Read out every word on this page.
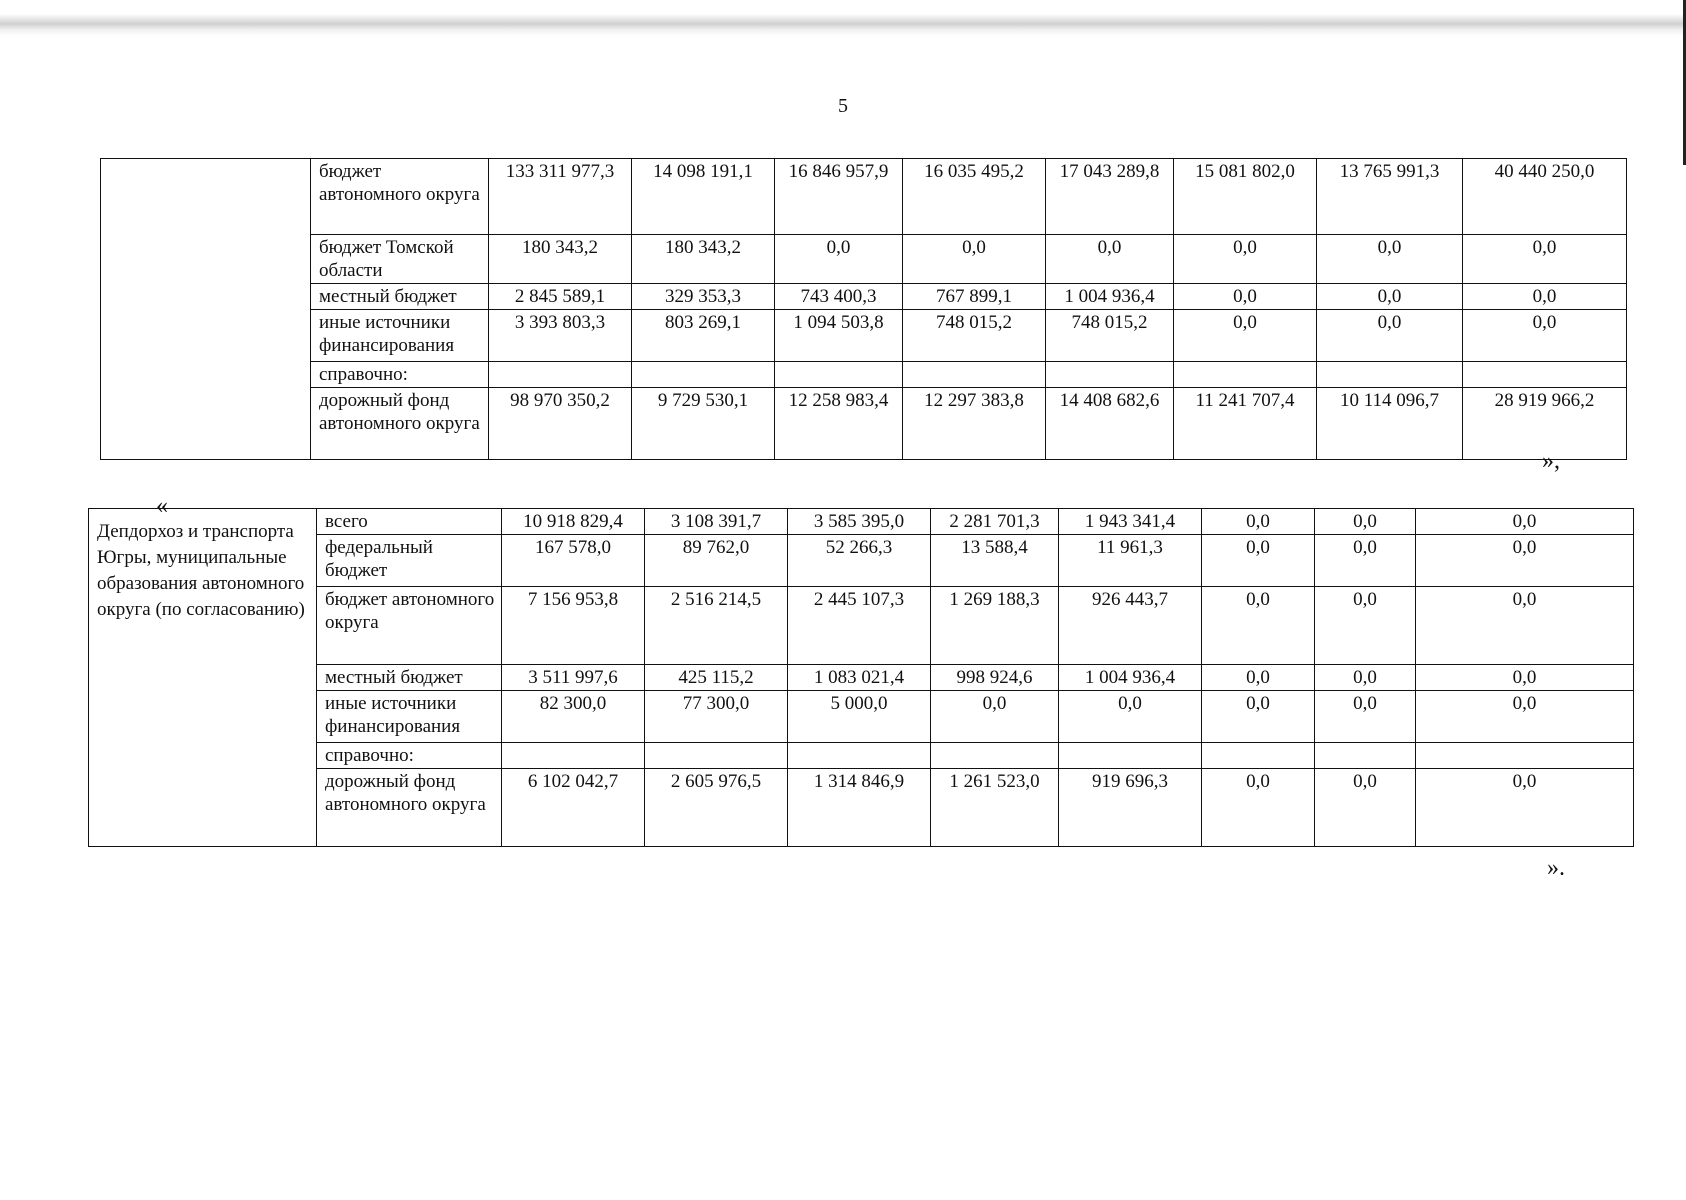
5
	бюджет автономного округа	133 311 977,3	14 098 191,1	16 846 957,9	16 035 495,2	17 043 289,8	15 081 802,0	13 765 991,3	40 440 250,0
	бюджет Томской области	180 343,2	180 343,2	0,0	0,0	0,0	0,0	0,0	0,0
	местный бюджет	2 845 589,1	329 353,3	743 400,3	767 899,1	1 004 936,4	0,0	0,0	0,0
	иные источники финансирования	3 393 803,3	803 269,1	1 094 503,8	748 015,2	748 015,2	0,0	0,0	0,0
	справочно:								
	дорожный фонд автономного округа	98 970 350,2	9 729 530,1	12 258 983,4	12 297 383,8	14 408 682,6	11 241 707,4	10 114 096,7	28 919 966,2
»,
«
Депдорхоз и транспорта Югры, муниципальные образования автономного округа (по согласованию)	всего	10 918 829,4	3 108 391,7	3 585 395,0	2 281 701,3	1 943 341,4	0,0	0,0	0,0
	федеральный бюджет	167 578,0	89 762,0	52 266,3	13 588,4	11 961,3	0,0	0,0	0,0
	бюджет автономного округа	7 156 953,8	2 516 214,5	2 445 107,3	1 269 188,3	926 443,7	0,0	0,0	0,0
	местный бюджет	3 511 997,6	425 115,2	1 083 021,4	998 924,6	1 004 936,4	0,0	0,0	0,0
	иные источники финансирования	82 300,0	77 300,0	5 000,0	0,0	0,0	0,0	0,0	0,0
	справочно:								
	дорожный фонд автономного округа	6 102 042,7	2 605 976,5	1 314 846,9	1 261 523,0	919 696,3	0,0	0,0	0,0
».
